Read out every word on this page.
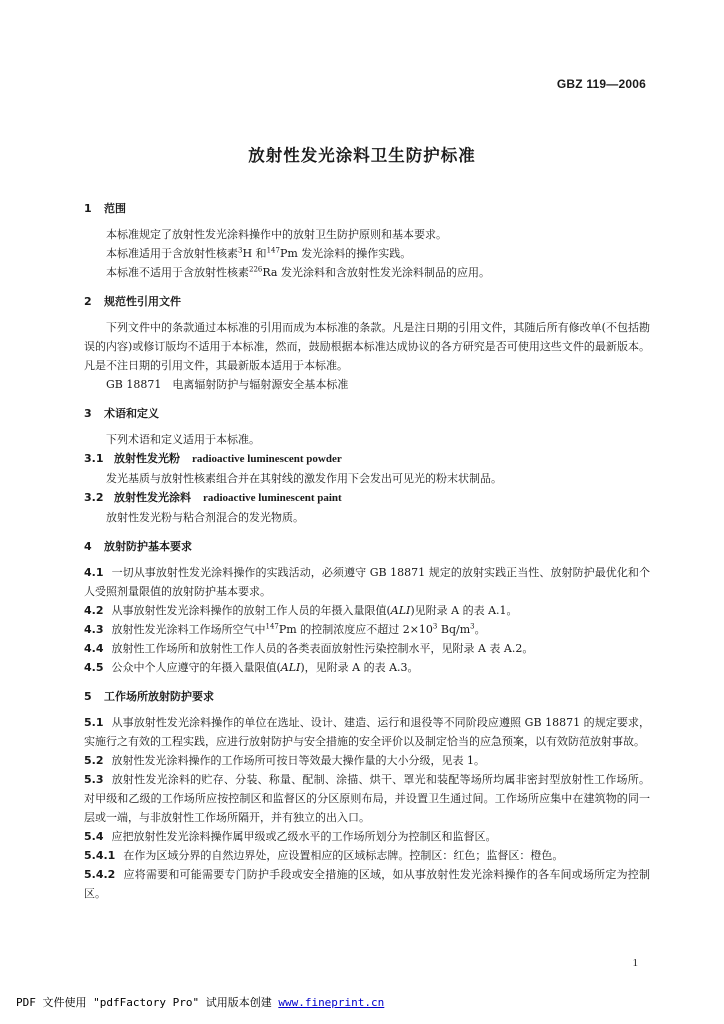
GBZ 119—2006
放射性发光涂料卫生防护标准
1 范围
本标准规定了放射性发光涂料操作中的放射卫生防护原则和基本要求。
本标准适用于含放射性核素$^3$H 和$^{147}$Pm 发光涂料的操作实践。
本标准不适用于含放射性核素$^{226}$Ra 发光涂料和含放射性发光涂料制品的应用。
2 规范性引用文件
下列文件中的条款通过本标准的引用而成为本标准的条款。凡是注日期的引用文件，其随后所有修改单(不包括勘误的内容)或修订版均不适用于本标准，然而，鼓励根据本标准达成协议的各方研究是否可使用这些文件的最新版本。凡是不注日期的引用文件，其最新版本适用于本标准。
GB 18871　电离辐射防护与辐射源安全基本标准
3 术语和定义
下列术语和定义适用于本标准。
3.1 放射性发光粉 radioactive luminescent powder
发光基质与放射性核素组合并在其射线的激发作用下会发出可见光的粉末状制品。
3.2 放射性发光涂料 radioactive luminescent paint
放射性发光粉与粘合剂混合的发光物质。
4 放射防护基本要求
4.1 一切从事放射性发光涂料操作的实践活动，必须遵守 GB 18871 规定的放射实践正当性、放射防护最优化和个人受照剂量限值的放射防护基本要求。
4.2 从事放射性发光涂料操作的放射工作人员的年摄入量限值(ALI)见附录 A 的表 A.1。
4.3 放射性发光涂料工作场所空气中$^{147}$Pm 的控制浓度应不超过 $2\times 10^3$ $Bq/m^3$。
4.4 放射性工作场所和放射性工作人员的各类表面放射性污染控制水平，见附录 A 表 A.2。
4.5 公众中个人应遵守的年摄入量限值(ALI)，见附录 A 的表 A.3。
5 工作场所放射防护要求
5.1 从事放射性发光涂料操作的单位在选址、设计、建造、运行和退役等不同阶段应遵照 GB 18871 的规定要求，实施行之有效的工程实践，应进行放射防护与安全措施的安全评价以及制定恰当的应急预案，以有效防范放射事故。
5.2 放射性发光涂料操作的工作场所可按日等效最大操作量的大小分级，见表 1。
5.3 放射性发光涂料的贮存、分装、称量、配制、涂描、烘干、罩光和装配等场所均属非密封型放射性工作场所。对甲级和乙级的工作场所应按控制区和监督区的分区原则布局，并设置卫生通过间。工作场所应集中在建筑物的同一层或一端，与非放射性工作场所隔开，并有独立的出入口。
5.4 应把放射性发光涂料操作属甲级或乙级水平的工作场所划分为控制区和监督区。
5.4.1 在作为区域分界的自然边界处，应设置相应的区域标志牌。控制区：红色；监督区：橙色。
5.4.2 应将需要和可能需要专门防护手段或安全措施的区域，如从事放射性发光涂料操作的各车间或场所定为控制区。
1
PDF 文件使用 "pdfFactory Pro" 试用版本创建 www.fineprint.cn
